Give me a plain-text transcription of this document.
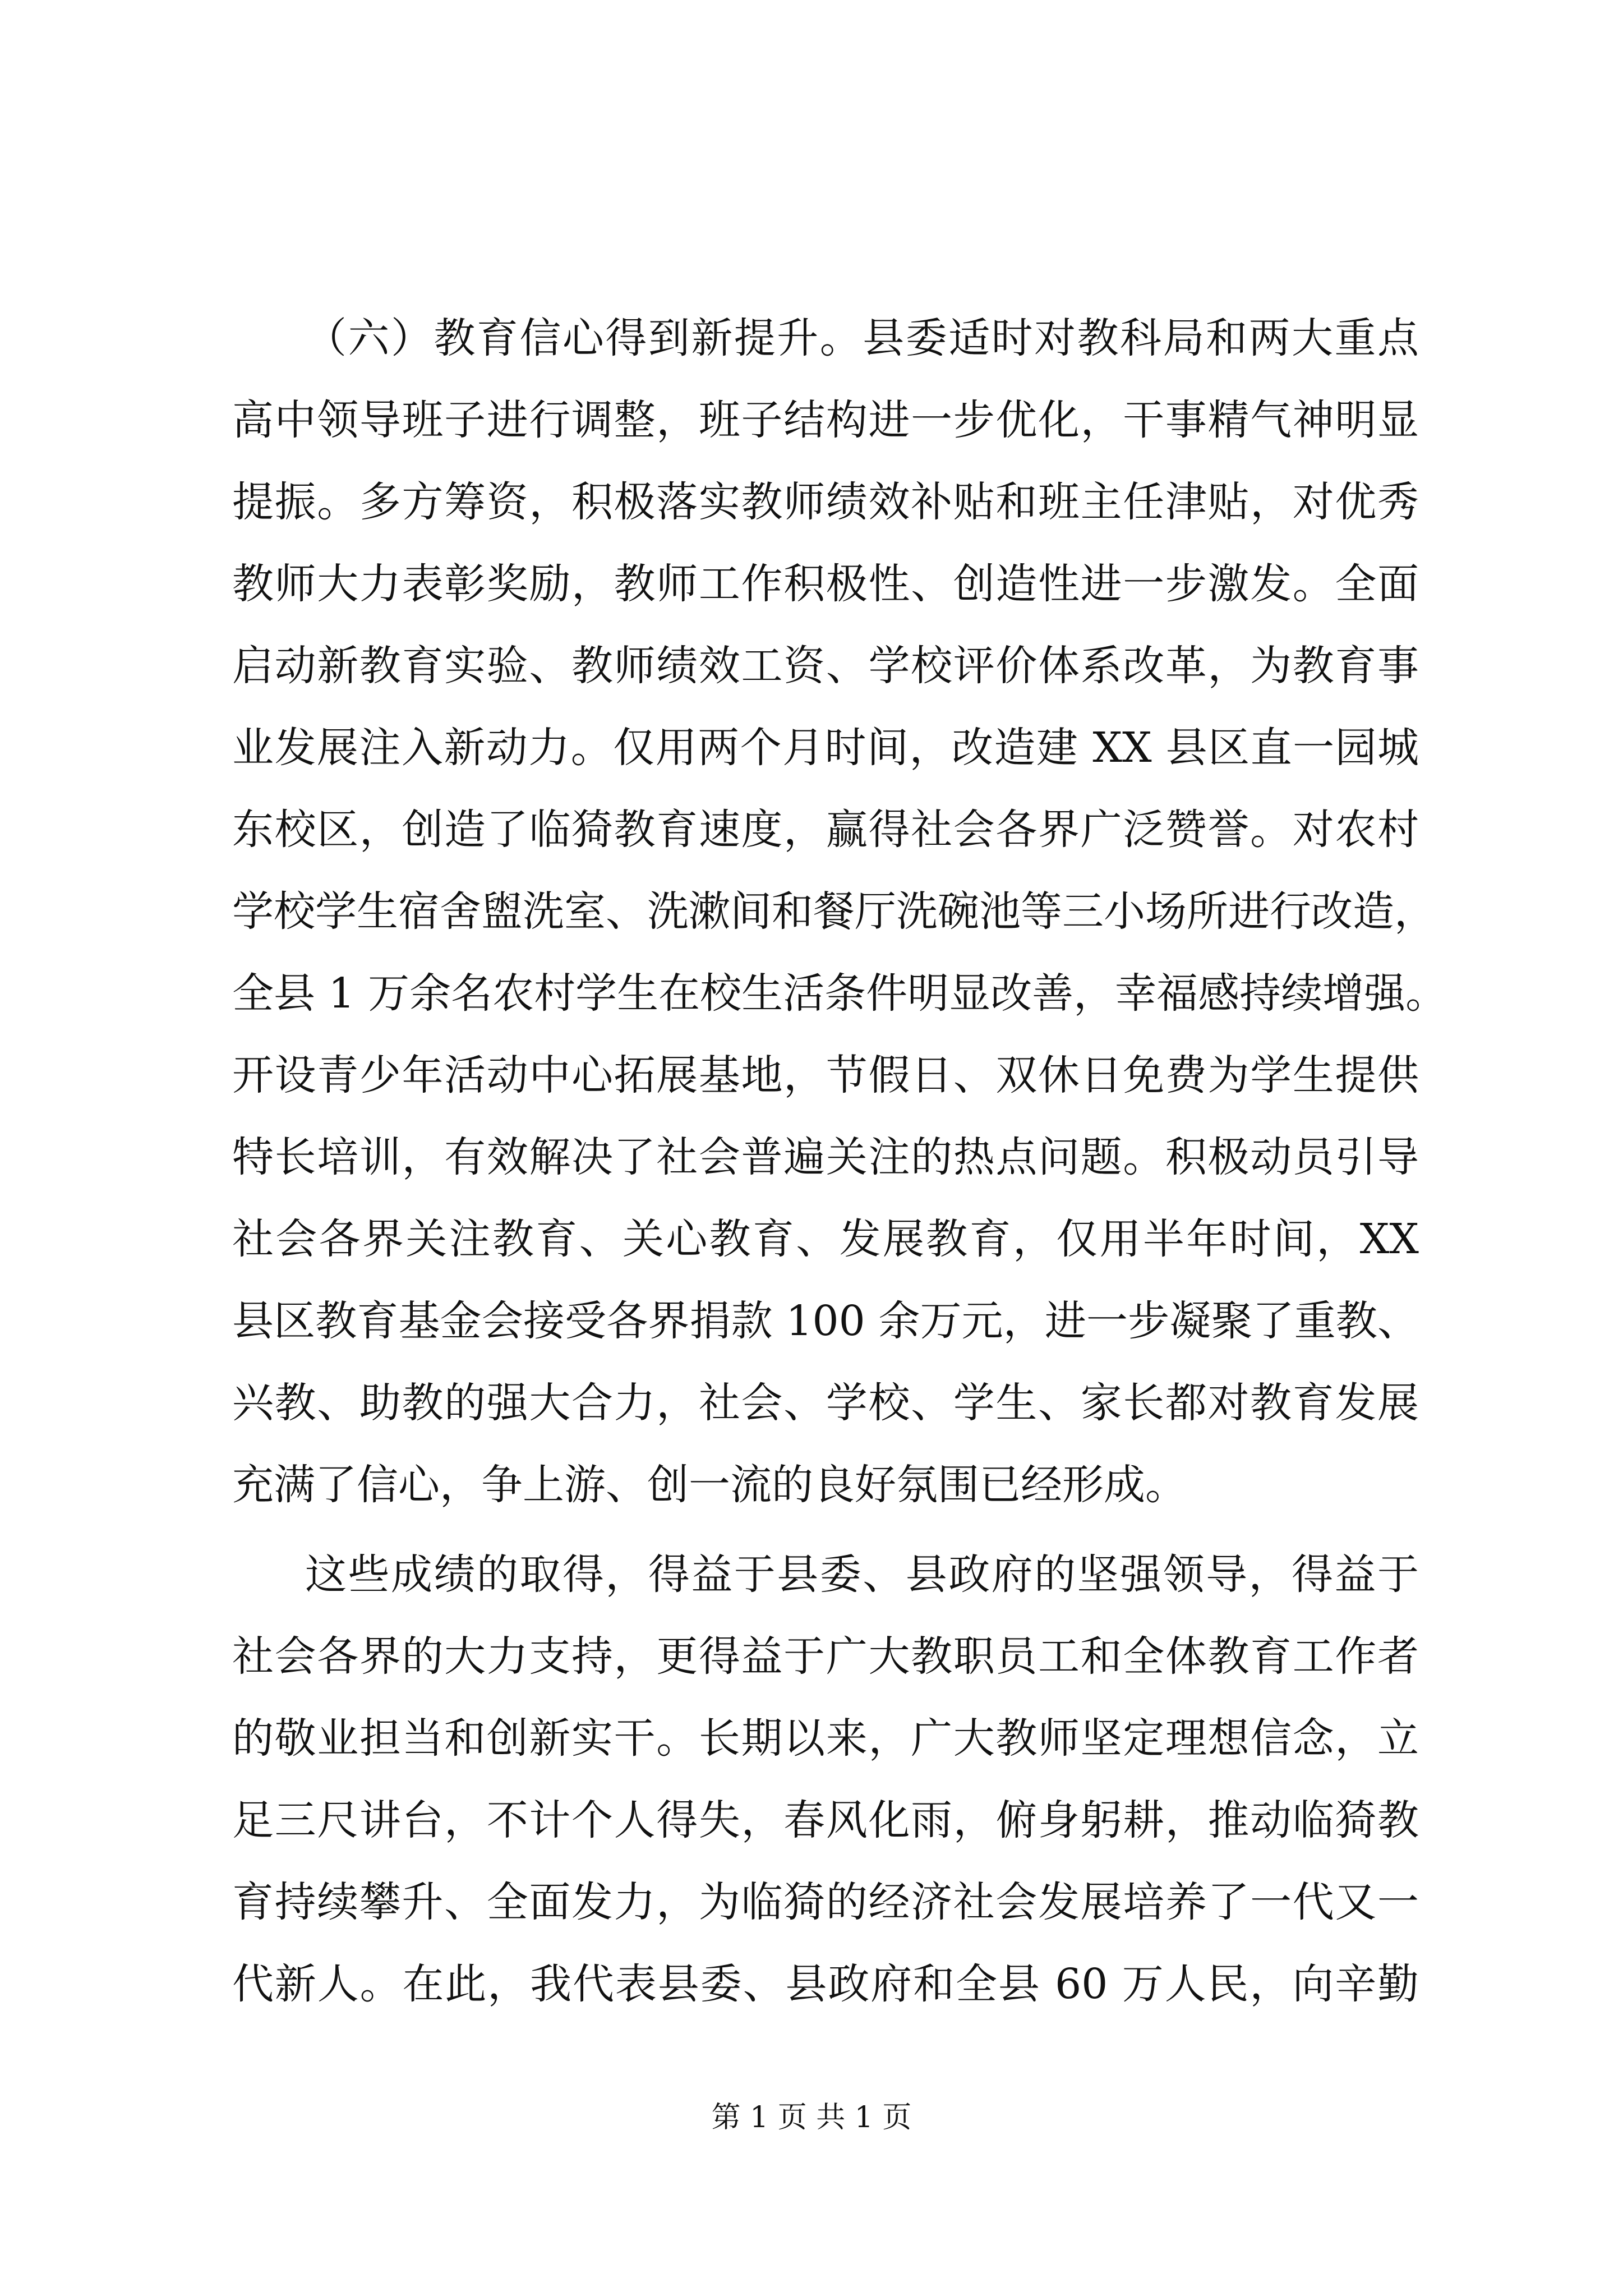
（六）教育信心得到新提升。县委适时对教科局和两大重点
高中领导班子进行调整，班子结构进一步优化，干事精气神明显
提振。多方筹资，积极落实教师绩效补贴和班主任津贴，对优秀
教师大力表彰奖励，教师工作积极性、创造性进一步激发。全面
启动新教育实验、教师绩效工资、学校评价体系改革，为教育事
业发展注入新动力。仅用两个月时间，改造建 XX 县区直一园城
东校区，创造了临猗教育速度，赢得社会各界广泛赞誉。对农村
学校学生宿舍盥洗室、洗漱间和餐厅洗碗池等三小场所进行改造，
全县 1 万余名农村学生在校生活条件明显改善，幸福感持续增强。
开设青少年活动中心拓展基地，节假日、双休日免费为学生提供
特长培训，有效解决了社会普遍关注的热点问题。积极动员引导
社会各界关注教育、关心教育、发展教育，仅用半年时间，XX
县区教育基金会接受各界捐款 100 余万元，进一步凝聚了重教、
兴教、助教的强大合力，社会、学校、学生、家长都对教育发展
充满了信心，争上游、创一流的良好氛围已经形成。
这些成绩的取得，得益于县委、县政府的坚强领导，得益于
社会各界的大力支持，更得益于广大教职员工和全体教育工作者
的敬业担当和创新实干。长期以来，广大教师坚定理想信念，立
足三尺讲台，不计个人得失，春风化雨，俯身躬耕，推动临猗教
育持续攀升、全面发力，为临猗的经济社会发展培养了一代又一
代新人。在此，我代表县委、县政府和全县 60 万人民，向辛勤
第 1 页 共 1 页
